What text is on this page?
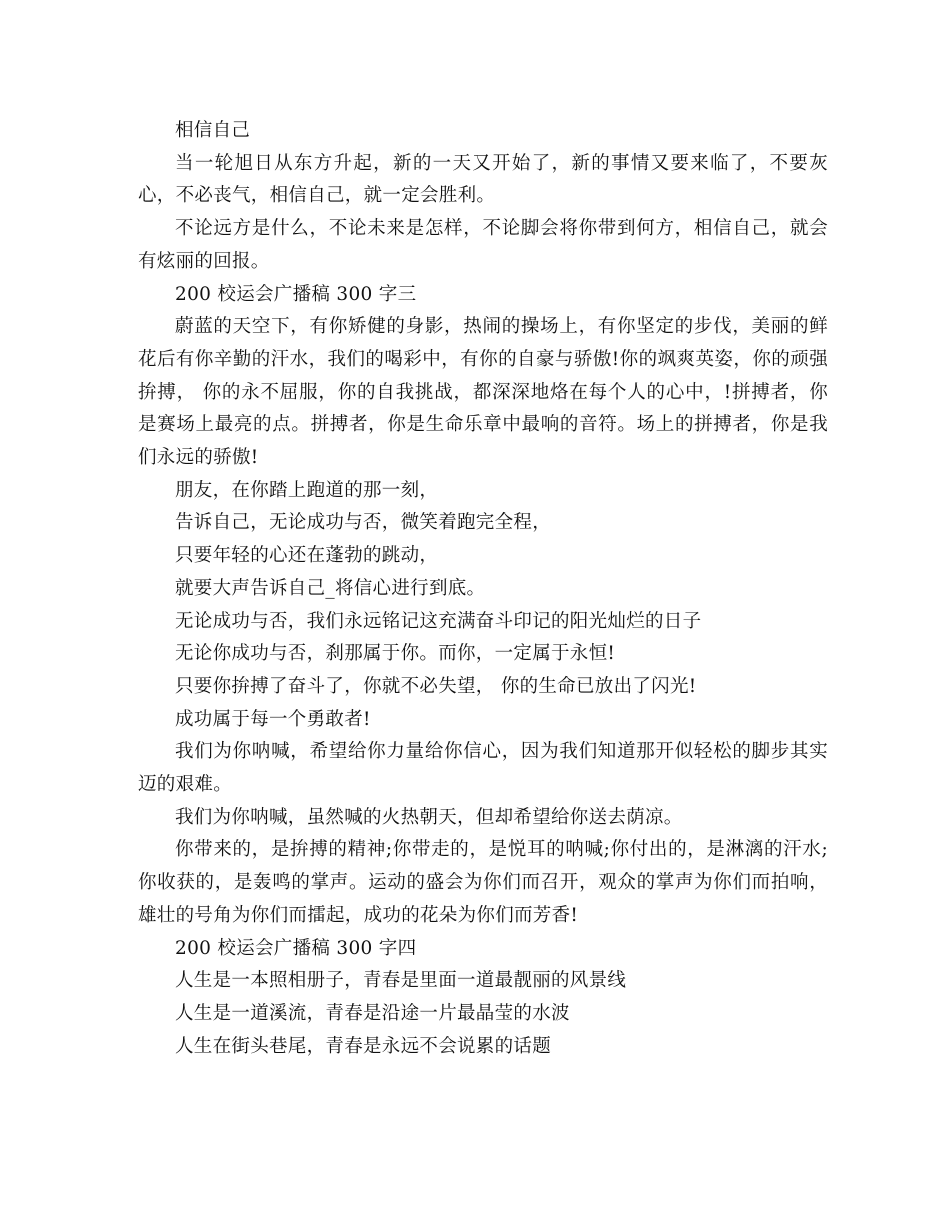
相信自己

当一轮旭日从东方升起，新的一天又开始了，新的事情又要来临了，不要灰心，不必丧气，相信自己，就一定会胜利。

不论远方是什么，不论未来是怎样，不论脚会将你带到何方，相信自己，就会有炫丽的回报。

200 校运会广播稿 300 字三

蔚蓝的天空下，有你矫健的身影，热闹的操场上，有你坚定的步伐，美丽的鲜花后有你辛勤的汗水，我们的喝彩中，有你的自豪与骄傲!你的飒爽英姿，你的顽强拚搏， 你的永不屈服，你的自我挑战，都深深地烙在每个人的心中，!拼搏者，你是赛场上最亮的点。拼搏者，你是生命乐章中最响的音符。场上的拼搏者，你是我们永远的骄傲!

朋友，在你踏上跑道的那一刻，

告诉自己，无论成功与否，微笑着跑完全程，

只要年轻的心还在蓬勃的跳动，

就要大声告诉自己_将信心进行到底。

无论成功与否，我们永远铭记这充满奋斗印记的阳光灿烂的日子

无论你成功与否，刹那属于你。而你，一定属于永恒!

只要你拚搏了奋斗了，你就不必失望， 你的生命已放出了闪光!

成功属于每一个勇敢者!

我们为你呐喊，希望给你力量给你信心，因为我们知道那开似轻松的脚步其实迈的艰难。

我们为你呐喊，虽然喊的火热朝天，但却希望给你送去荫凉。

你带来的，是拚搏的精神;你带走的，是悦耳的呐喊;你付出的，是淋漓的汗水;你收获的，是轰鸣的掌声。运动的盛会为你们而召开，观众的掌声为你们而拍响，雄壮的号角为你们而擂起，成功的花朵为你们而芳香!

200 校运会广播稿 300 字四

人生是一本照相册子，青春是里面一道最靓丽的风景线

人生是一道溪流，青春是沿途一片最晶莹的水波

人生在街头巷尾，青春是永远不会说累的话题
